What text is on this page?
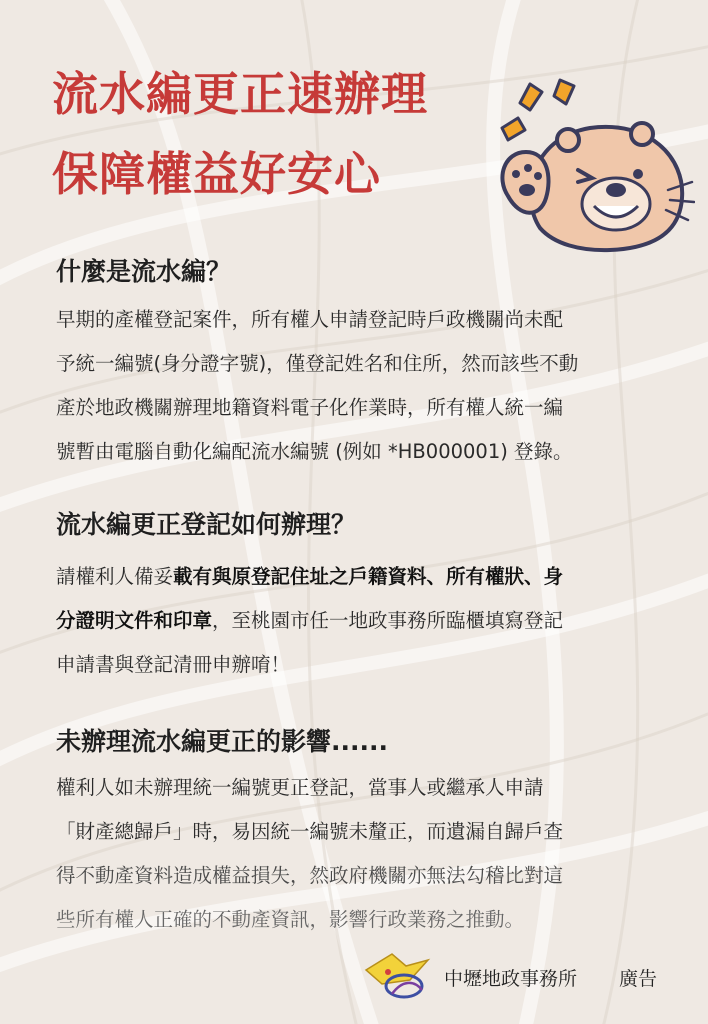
流水編更正速辦理
保障權益好安心
什麼是流水編？
早期的產權登記案件，所有權人申請登記時戶政機關尚未配
予統一編號(身分證字號)，僅登記姓名和住所，然而該些不動
產於地政機關辦理地籍資料電子化作業時，所有權人統一編
號暫由電腦自動化編配流水編號 (例如 *HB000001) 登錄。
流水編更正登記如何辦理？
請權利人備妥載有與原登記住址之戶籍資料、所有權狀、身
分證明文件和印章，至桃園市任一地政事務所臨櫃填寫登記
申請書與登記清冊申辦唷！
未辦理流水編更正的影響......
權利人如未辦理統一編號更正登記，當事人或繼承人申請
「財產總歸戶」時，易因統一編號未釐正，而遺漏自歸戶查
得不動產資料造成權益損失，然政府機關亦無法勾稽比對這
些所有權人正確的不動產資訊，影響行政業務之推動。
中壢地政事務所 廣告
